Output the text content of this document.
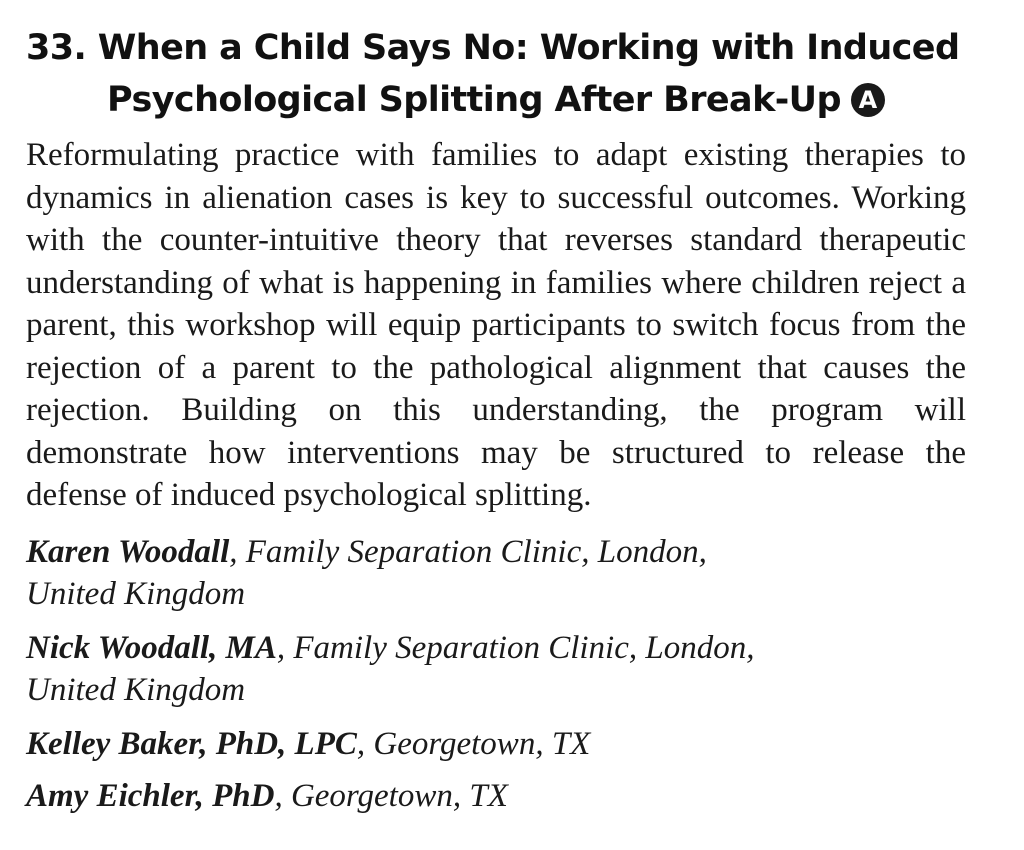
33. When a Child Says No: Working with Induced
Psychological Splitting After Break-Up A

Reformulating practice with families to adapt existing therapies to dynamics in alienation cases is key to successful outcomes. Working with the counter-intuitive theory that reverses standard therapeutic understanding of what is happening in families where children reject a parent, this workshop will equip participants to switch focus from the rejection of a parent to the pathological alignment that causes the rejection. Building on this understanding, the program will demonstrate how interventions may be structured to release the defense of induced psychological splitting.

Karen Woodall, Family Separation Clinic, London,
United Kingdom

Nick Woodall, MA, Family Separation Clinic, London,
United Kingdom

Kelley Baker, PhD, LPC, Georgetown, TX

Amy Eichler, PhD, Georgetown, TX
